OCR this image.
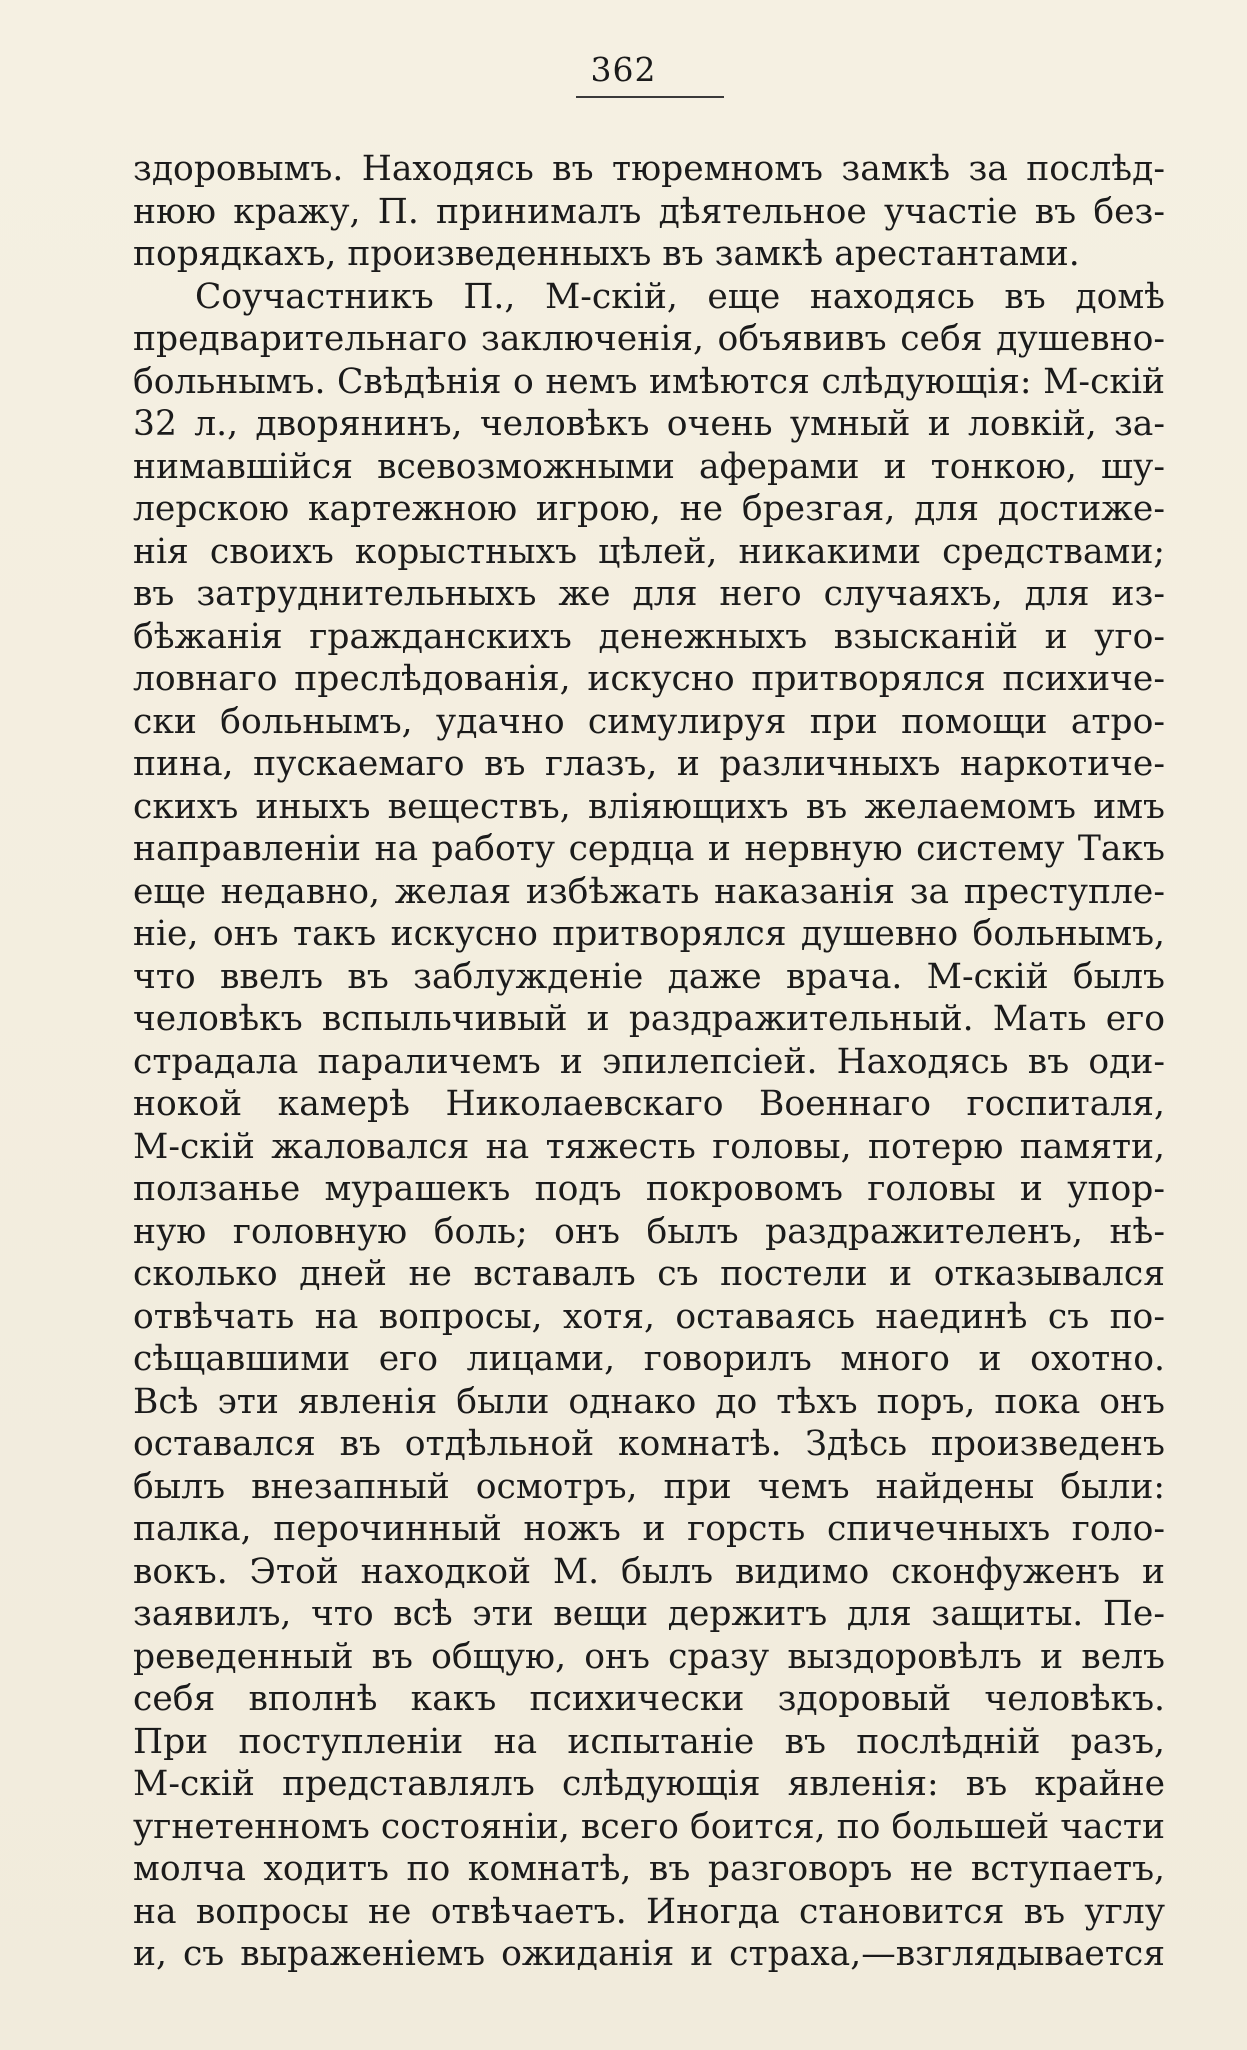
362
здоровымъ. Находясь въ тюремномъ замкѣ за послѣд-
нюю кражу, П. принималъ дѣятельное участiе въ без-
порядкахъ, произведенныхъ въ замкѣ арестантами.
Соучастникъ П., М-скiй, еще находясь въ домѣ
предварительнаго заключенiя, объявивъ себя душевно-
больнымъ. Свѣдѣнiя о немъ имѣются слѣдующiя: М-скiй
32 л., дворянинъ, человѣкъ очень умный и ловкiй, за-
нимавшiйся всевозможными аферами и тонкою, шу-
лерскою картежною игрою, не брезгая, для достиже-
нiя своихъ корыстныхъ цѣлей, никакими средствами;
въ затруднительныхъ же для него случаяхъ, для из-
бѣжанiя гражданскихъ денежныхъ взысканiй и уго-
ловнаго преслѣдованiя, искусно притворялся психиче-
ски больнымъ, удачно симулируя при помощи атро-
пина, пускаемаго въ глазъ, и различныхъ наркотиче-
скихъ иныхъ веществъ, влiяющихъ въ желаемомъ имъ
направленiи на работу сердца и нервную систему Такъ
еще недавно, желая избѣжать наказанiя за преступле-
нiе, онъ такъ искусно притворялся душевно больнымъ,
что ввелъ въ заблужденiе даже врача. М-скiй былъ
человѣкъ вспыльчивый и раздражительный. Мать его
страдала параличемъ и эпилепсiей. Находясь въ оди-
нокой камерѣ Николаевскаго Военнаго госпиталя,
М-скiй жаловался на тяжесть головы, потерю памяти,
ползанье мурашекъ подъ покровомъ головы и упор-
ную головную боль; онъ былъ раздражителенъ, нѣ-
сколько дней не вставалъ съ постели и отказывался
отвѣчать на вопросы, хотя, оставаясь наединѣ съ по-
сѣщавшими его лицами, говорилъ много и охотно.
Всѣ эти явленiя были однако до тѣхъ поръ, пока онъ
оставался въ отдѣльной комнатѣ. Здѣсь произведенъ
былъ внезапный осмотръ, при чемъ найдены были:
палка, перочинный ножъ и горсть спичечныхъ голо-
вокъ. Этой находкой М. былъ видимо сконфуженъ и
заявилъ, что всѣ эти вещи держитъ для защиты. Пе-
реведенный въ общую, онъ сразу выздоровѣлъ и велъ
себя вполнѣ какъ психически здоровый человѣкъ.
При поступленiи на испытанiе въ послѣднiй разъ,
М-скiй представлялъ слѣдующiя явленiя: въ крайне
угнетенномъ состоянiи, всего боится, по большей части
молча ходитъ по комнатѣ, въ разговоръ не вступаетъ,
на вопросы не отвѣчаетъ. Иногда становится въ углу
и, съ выраженiемъ ожиданiя и страха,—взглядывается
